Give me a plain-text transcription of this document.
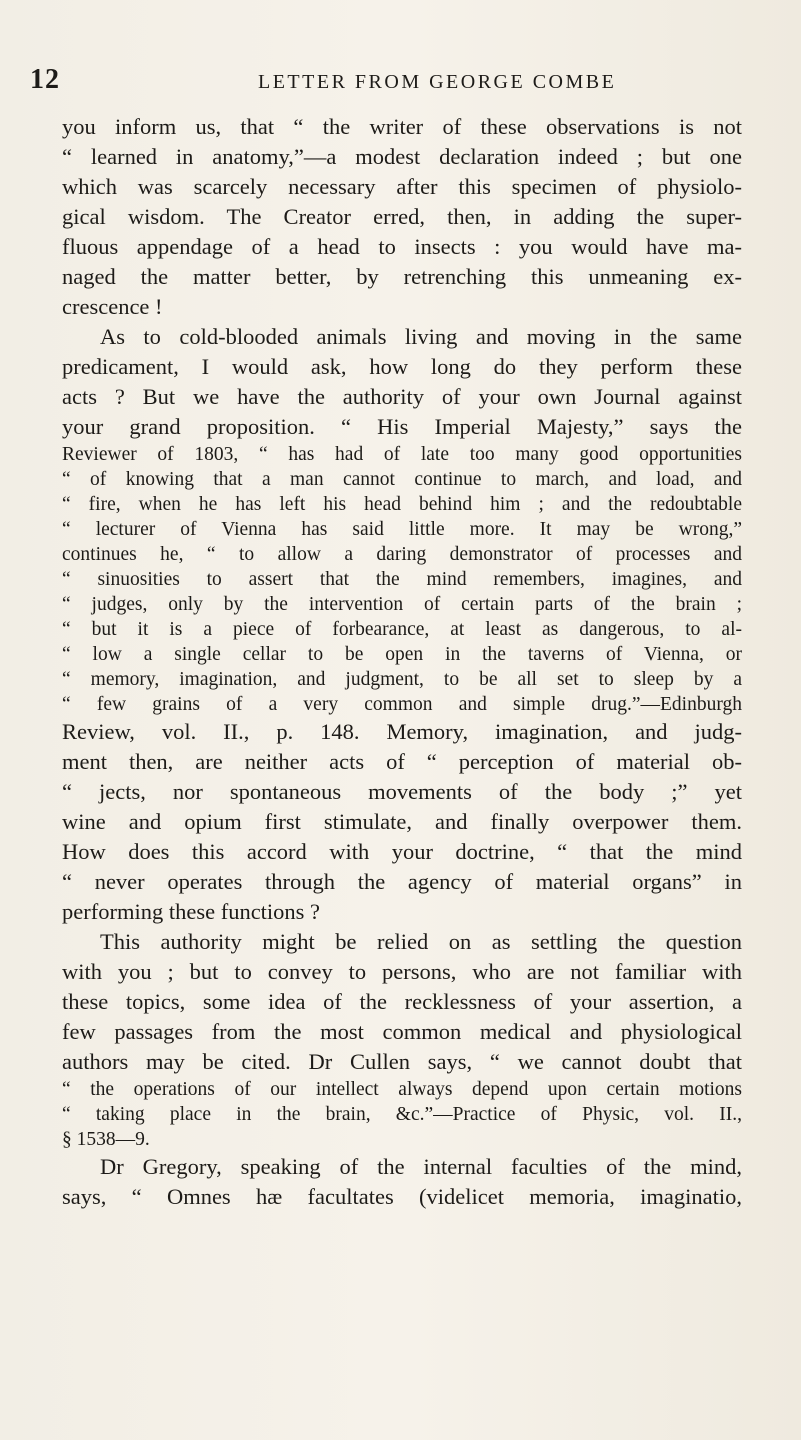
12	LETTER FROM GEORGE COMBE
you inform us, that “ the writer of these observations is not
“ learned in anatomy,”—a modest declaration indeed ; but one
which was scarcely necessary after this specimen of physiolo-
gical wisdom. The Creator erred, then, in adding the super-
fluous appendage of a head to insects : you would have ma-
naged the matter better, by retrenching this unmeaning ex-
crescence !
As to cold-blooded animals living and moving in the same
predicament, I would ask, how long do they perform these
acts ? But we have the authority of your own Journal against
your grand proposition. “ His Imperial Majesty,” says the
Reviewer of 1803, “ has had of late too many good opportunities
“ of knowing that a man cannot continue to march, and load, and
“ fire, when he has left his head behind him ; and the redoubtable
“ lecturer of Vienna has said little more. It may be wrong,”
continues he, “ to allow a daring demonstrator of processes and
“ sinuosities to assert that the mind remembers, imagines, and
“ judges, only by the intervention of certain parts of the brain ;
“ but it is a piece of forbearance, at least as dangerous, to al-
“ low a single cellar to be open in the taverns of Vienna, or
“ memory, imagination, and judgment, to be all set to sleep by a
“ few grains of a very common and simple drug.”—Edinburgh
Review, vol. II., p. 148. Memory, imagination, and judg-
ment then, are neither acts of “ perception of material ob-
“ jects, nor spontaneous movements of the body ;” yet
wine and opium first stimulate, and finally overpower them.
How does this accord with your doctrine, “ that the mind
“ never operates through the agency of material organs” in
performing these functions ?
This authority might be relied on as settling the question
with you ; but to convey to persons, who are not familiar with
these topics, some idea of the recklessness of your assertion, a
few passages from the most common medical and physiological
authors may be cited. Dr Cullen says, “ we cannot doubt that
“ the operations of our intellect always depend upon certain motions
“ taking place in the brain, &c.”—Practice of Physic, vol. II.,
§ 1538—9.
Dr Gregory, speaking of the internal faculties of the mind,
says, “ Omnes hæ facultates (videlicet memoria, imaginatio,
